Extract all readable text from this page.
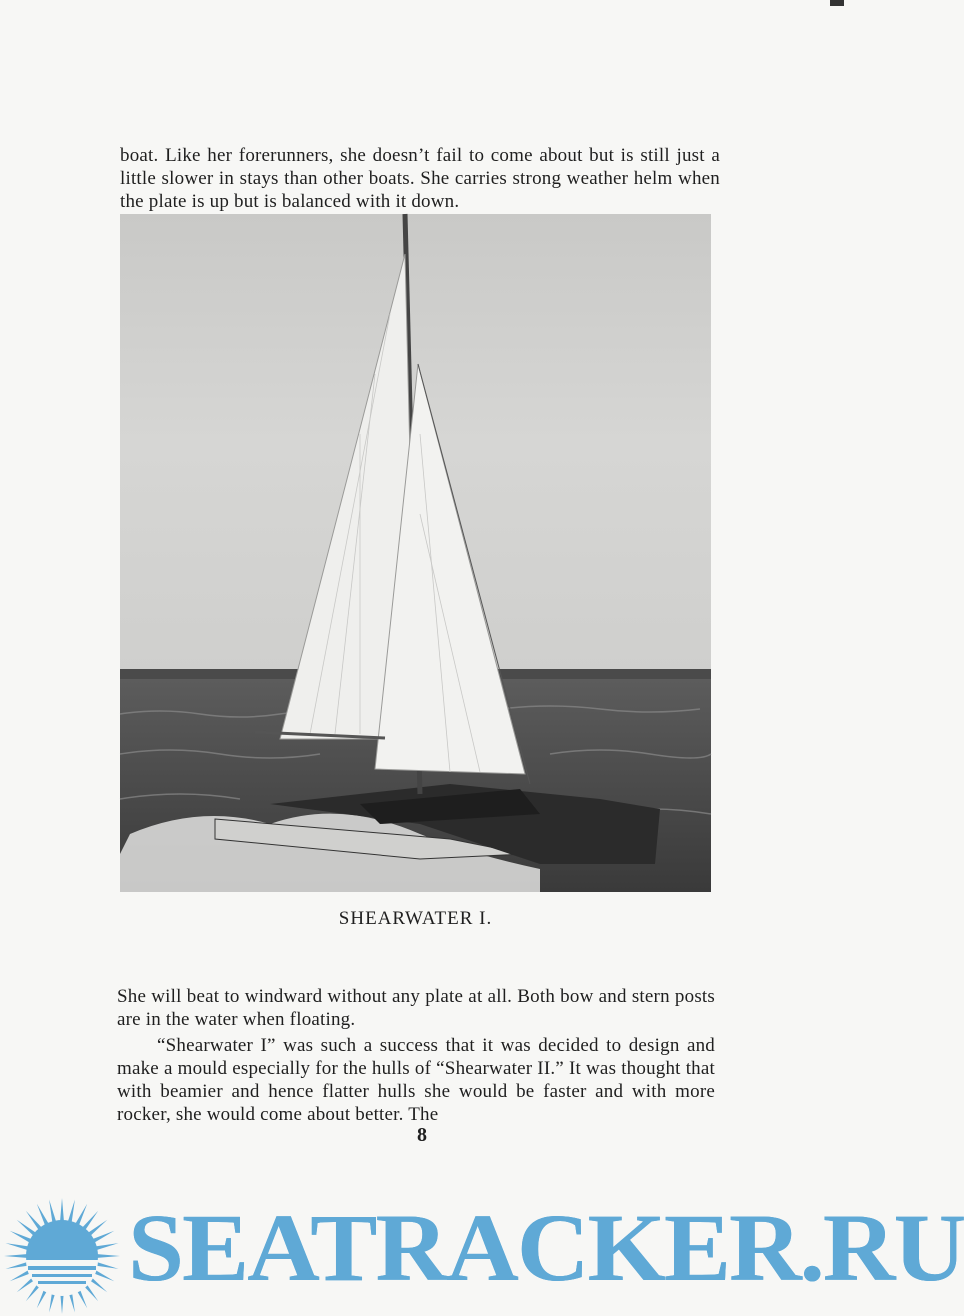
boat. Like her forerunners, she doesn’t fail to come about but is still just a little slower in stays than other boats. She carries strong weather helm when the plate is up but is balanced with it down.

SHEARWATER I.

She will beat to windward without any plate at all. Both bow and stern posts are in the water when floating.

“Shearwater I” was such a success that it was decided to design and make a mould especially for the hulls of “Shearwater II.” It was thought that with beamier and hence flatter hulls she would be faster and with more rocker, she would come about better. The

8
SEATRACKER.RU
